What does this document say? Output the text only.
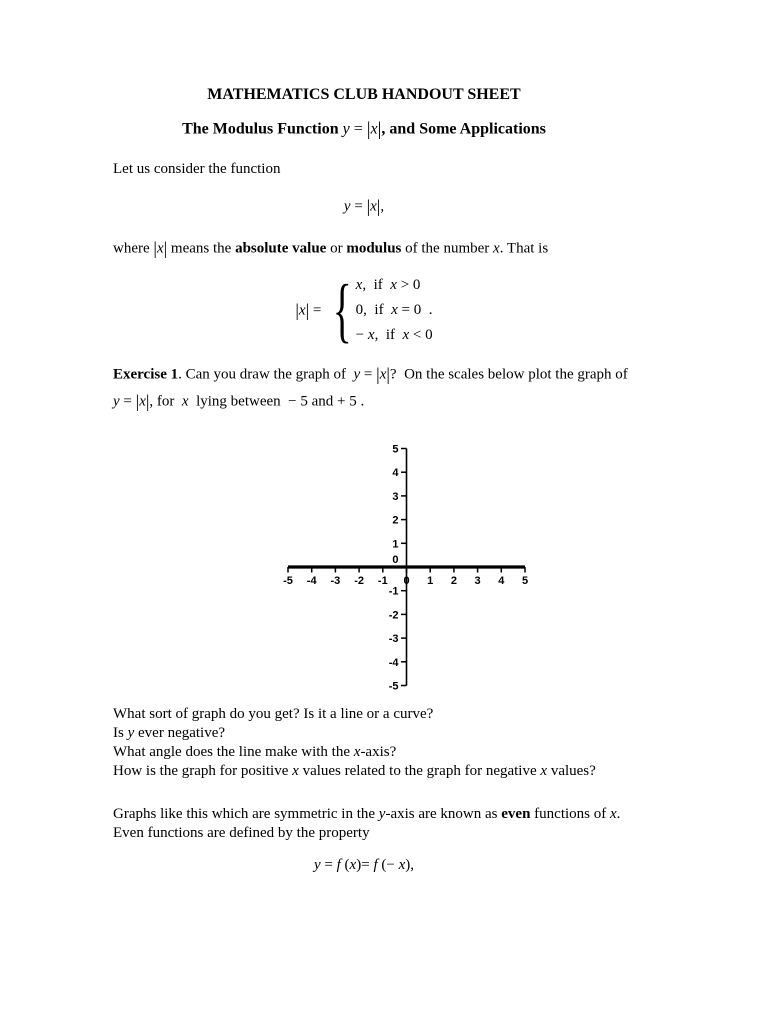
MATHEMATICS CLUB HANDOUT SHEET
The Modulus Function y = |x|, and Some Applications
Let us consider the function
y = |x|,
where |x| means the absolute value or modulus of the number x. That is
|x| = { x,  if  x > 0
0,  if  x = 0  .
− x,  if  x < 0
Exercise 1. Can you draw the graph of  y = |x|?  On the scales below plot the graph of
y = |x|, for  x  lying between  − 5 and + 5 .
-5 -4 -3 -2 -1 0 1 2 3 4 5
5
4
3
2
1
0
-1
-2
-3
-4
-5
What sort of graph do you get? Is it a line or a curve?
Is y ever negative?
What angle does the line make with the x-axis?
How is the graph for positive x values related to the graph for negative x values?
Graphs like this which are symmetric in the y-axis are known as even functions of x.
Even functions are defined by the property
y = f (x)= f (− x),
